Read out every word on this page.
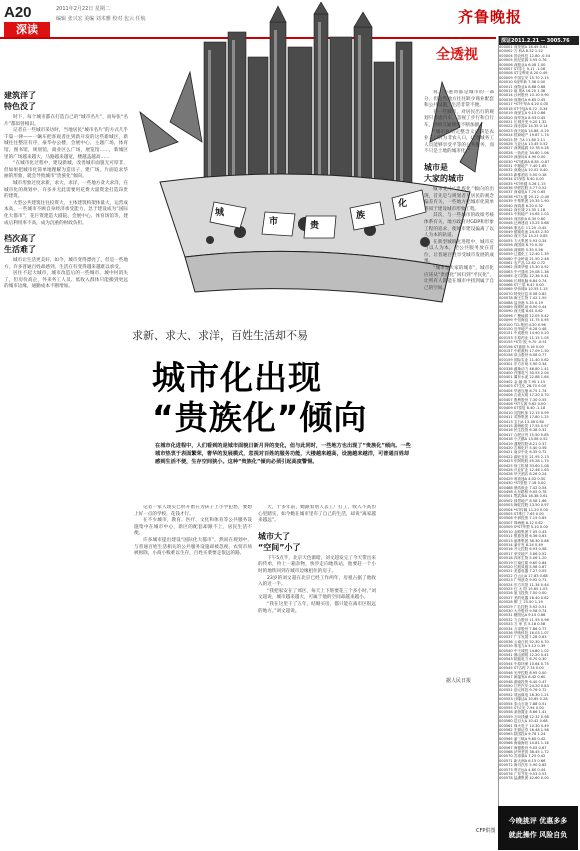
A20
深读
2011年2月22日 星期二
编辑 张兴宏 美编 刘术雅 校对 包云 任航	齐鲁晚报
城
市	贵
族
化
全透视
求新、求大、求洋，百姓生活却不易
城市化出现
“贵族化”倾向
在城市化进程中，人们看到的是城市面貌日新月异的变化，但与此同时，一些地方也出现了“贵族化”倾向。一些城市热衷于表面繁荣，奢华的发展模式，忽视对百姓的服务功能，大楼越来越高，设施越来越洋，可普通百姓却感到生活不便，生存空间狭小。这种“贵族化”倾向必须引起高度警惕。
建筑洋了
特色没了

时下，每个城市都在打造自己的“城市名片”，而每张“名片”都似曾相识。

记者在一些城市采访时，当地居民“城市名片”的方式几乎千篇一律——一辆车把客观者往到新开发的这些新城区，新城往往整洁有序，豪华办公楼，会展中心，主题广场，体育馆，图书馆，规划馆，商业区么广场，展览馆……，新城区里的广场越来越大，马路越来越宽，楼越盖越高……

“在城市化过程中，建设新城，改善城市面貌无可厚非，但如果把城市化简单地理解为造房子，建广场，片面追求华丽的形象，就会导致城市“贵族化”倾向。

城市形象过度求新，求大，求洋，一些地方贪大求洋，在城市化的规划中，许多并无此需要用花费大量资金打造昂贵的建筑。

大型公共建筑往往投资大，主体建筑构架体量大，运营成本高，一些城市不顾自身经济承受能力，急于建设成为“国际化大都市”，花巨资建造大剧院、会展中心、体育场馆等，建成后利用率不高，成为沉重的财政负担。

档次高了
生活难了

城市让生活更美好，如今，城市变得漂亮了，但是一些地方，许多普通百姓却感到，生活在有变得越来越难以承受。

居住不起大城市，城市改造后的一些城市，城中村消失了，但房价高企，外来务工人员、低收入群体只能搬到更远的城市边缘，通勤成本不断增加。

记者一家人现实已经开始在为孩子上小学犯愁，要想上好一点的学校，花钱才行。

在不少城市，教育、医疗、文化和体育等公共服务设施集中在城市中心，新区的配套却跟不上，居民生活不便。

许多城市提出建设“国际化大都市”，然而在规划中，与普通百姓生活相关的公共服务设施却被忽视，农贸市场被拆除，小商小贩难以生存，百姓买菜要走很远的路。

大，十多年前，她跟着别人去工厂打工，收入不高但心里踏实，如今她在城市里有了自己的生活，却说“离家越来越远”。

城市大了
“空间”小了

下午5点半，北京天色渐暗，刘文超发完了今天带出来的传单，拎上一箱杂物，快步走向地铁站，他要赶一个小时的地铁回到在城市边缘租住的房子。

23岁的刘文超在北京已经工作两年，房租占据了他收入的近一半。

“我把家安在了郊区，每天上下班要花三个多小时。”刘文超说，城市越来越大，可属于他的空间却越来越小。

“我在这里干了五年，结婚买房，都只能在离市区很远的地方。”刘文超说。

说，小港湾都是城市的一部分，但这些地方往往缺少商业配套和公共设施，生活非常不便。

在一些城市，对居民出行的规划只考虑汽车，忽视了步行和自行车，导致交通拥堵不断加剧。

“城市化的完整含义应该是农业人口转为非农人口，让进城务工人员能够享受平等的公共服务，而不只是土地的城市化。”

城市是
大家的城市

城市化中“贵族化”倾向的出现，首先是与规划者及居民的观念偏差有关，一些地方把城市化简单等同于建设城市形象工程。

其次，与一些城市的政绩考核体系有关，地方政府对GDP和形象工程的追求，使城市建设偏离了以人为本的轨道。

在新型城镇化进程中，城市应当以人为本，把公共服务放在首位，让普通百姓享受城市发展的成果。

“城市是大家的城市”，城市化应该从“贵族化”回归到“平民化”，让所有人都能在城市中找到属于自己的空间。

据人民日报
CFP供图
深证2011.2.21 -- 3005.76
000001 深发展A 16.45 0.61
000002 万 科A 8.32 1.22
000004 国农科技 12.80 -0.54
000005 世纪星源 3.95 0.76
000006 深振业A 6.08 1.00
000007 ST零七 9.11 -1.08
000008 ST宝利来 8.20 0.49
000009 中国宝安 15.70 2.15
000010 S深华新 7.36 0.00
000011 深物业A 8.88 0.68
000012 南 玻A 16.20 1.38
000014 沙河股份 10.10 0.90
000016 深康佳A 6.65 0.45
000017 *ST中华A 4.20 0.00
000018 ST中冠A 8.72 -0.34
000019 深深宝A 9.15 0.66
000020 深华发A 8.93 0.45
000021 长城开发 9.20 1.32
000022 深赤湾A 14.35 0.14
000023 深天地A 14.88 -0.20
000024 招商地产 19.87 1.74
000025 特 力A 11.60 2.11
000026 飞亚达A 13.45 0.52
000027 深圳能源 10.78 0.28
000028 一致药业 34.60 1.06
000029 深深房A 4.90 0.00
000030 *ST盛润A 6.85 -0.87
000031 中粮地产 7.40 1.65
000032 深桑达A 10.02 0.40
000033 新都酒店 5.50 0.18
000034 ST深泰 8.40 0.00
000035 *ST科健 5.26 1.15
000036 华联控股 5.77 0.52
000037 深南电A 7.70 0.65
000038 *ST大通 20.12 -0.40
000039 中集集团 20.35 1.90
000040 深鸿基 6.20 0.32
000042 深长城 21.35 1.18
000043 中航地产 14.65 1.03
000045 深纺织A 8.30 0.60
000046 泛海建设 13.25 0.68
000048 康达尔 11.20 -0.45
000049 德赛电池 24.45 2.50
000050 深天马A 14.21 0.85
000055 方大集团 5.93 0.34
000056 深国商 6.70 0.30
000058 深赛格 5.35 0.56
000059 辽通化工 12.40 1.39
000060 中金岭南 21.50 2.48
000061 农产品 12.62 0.72
000062 深圳华强 15.30 0.92
000063 中兴通讯 29.08 1.36
000065 北方国际 12.36 0.41
000066 长城电脑 6.84 0.74
000068 ST三星 6.47 0.00
000069 华侨城A 10.55 1.15
000070 特发信息 8.58 0.82
000078 海王生物 7.42 1.50
000088 盐田港 5.35 0.19
000089 深圳机场 6.90 0.44
000090 深天健 8.61 0.82
000096 广聚能源 12.05 0.42
000099 中信海直 11.75 0.95
000100 TCL集团 4.20 0.96
000150 宜华地产 6.28 0.48
000151 中成股份 14.90 0.20
000153 丰原药业 11.15 1.05
000155 *ST川化 9.70 -0.51
000156 ST嘉瑞 5.16 0.00
000157 中联重科 17.09 1.30
000158 常山股份 6.58 0.77
000159 国际实业 11.40 0.62
000301 东方市场 5.90 0.34
000338 潍柴动力 46.80 1.41
000400 许继电气 30.55 2.04
000401 冀东水泥 22.88 1.64
000402 金 融 街 7.95 1.15
000403 ST生化 28.70 0.00
000404 华意压缩 8.75 1.74
000406 石油大明 17.20 0.70
000407 胜利股份 7.30 0.55
000408 *ST玉源 9.62 0.00
000409 ST泰复 8.40 -1.18
000410 沈阳机床 12.15 0.99
000411 英特集团 17.80 1.25
000413 宝石A 13.38 0.60
000415 渤海租赁 17.55 0.97
000416 民生投资 6.38 0.31
000417 合肥百货 15.50 0.85
000418 小天鹅A 13.58 0.52
000419 通程控股 8.21 0.37
000420 吉林化纤 5.40 0.56
000421 南京中北 8.35 0.72
000422 湖北宜化 21.95 2.13
000423 东阿阿胶 45.28 1.75
000425 徐工机械 33.60 1.08
000426 兴业矿业 12.46 1.63
000428 华天酒店 8.26 0.24
000429 粤高速A 4.02 0.50
000430 *ST张股 7.18 0.00
000488 晨鸣纸业 7.42 0.54
000498 山东路桥 9.05 0.78
000501 鄂武商A 16.38 0.61
000502 绿景地产 8.58 1.66
000503 海虹控股 13.50 0.97
000504 *ST传媒 11.20 0.00
000505 ST珠江 7.65 0.00
000506 中润投资 7.15 0.85
000507 珠海港 8.12 0.62
000509 S*ST华塑 5.10 0.00
000510 金路集团 7.05 0.43
000511 银基发展 6.36 0.63
000513 丽珠集团 36.30 0.86
000514 渝开发 8.24 0.49
000516 开元控股 6.93 0.58
000517 荣安地产 3.86 0.52
000518 四环生物 5.06 1.20
000519 江南红箭 9.60 0.84
000520 长航凤凰 5.98 0.67
000521 美菱电器 7.27 0.55
000522 白云山A 17.83 0.68
000523 广州浪奇 9.92 0.71
000524 东方宾馆 11.34 0.44
000525 红 太 阳 15.65 1.03
000526 旭飞投资 7.50 0.00
000527 美的电器 18.40 0.82
000528 柳 工 25.50 1.19
000529 广弘控股 5.92 0.51
000530 大冷股份 9.58 0.74
000531 穗恒运A 9.10 0.66
000532 力合股份 11.55 0.96
000533 万 家 乐 5.18 0.58
000534 万泽股份 7.86 0.77
000536 华映科技 16.03 1.07
000537 广宇发展 7.28 0.83
000538 云南白药 52.30 0.70
000539 粤电力A 5.12 0.39
000540 中天城投 14.80 1.02
000541 佛山照明 12.20 0.41
000543 皖能电力 6.70 0.30
000544 中原环保 10.64 0.75
000545 ST吉药 7.74 0.00
000546 光华控股 8.95 0.00
000547 闽福发A 8.42 0.60
000548 湖南投资 6.40 0.47
000550 江铃汽车 24.20 0.83
000551 创元科技 9.76 0.72
000552 靖远煤电 18.30 1.21
000553 沙隆达A 10.65 0.28
000554 泰山石油 7.88 0.51
000555 ST太光 7.94 0.00
000558 莱茵置业 8.66 1.41
000559 万向钱潮 12.32 0.98
000560 昆百大A 10.42 0.68
000561 烽火电子 10.30 0.49
000562 宏源证券 16.48 1.98
000563 陕国投A 9.78 1.24
000565 渝三峡A 9.60 0.42
000566 海南海药 14.81 1.16
000567 海德股份 9.05 0.67
000568 泸州老窖 38.45 1.72
000570 苏常柴A 7.25 0.42
000571 新大洲A 6.15 0.66
000572 海马汽车 5.90 0.85
000573 粤宏远A 4.60 0.44
000576 广东甘化 9.53 0.53
000578 盐湖集团 42.60 0.00
今晚挑评 优惠多多
就此操作 风险自负
